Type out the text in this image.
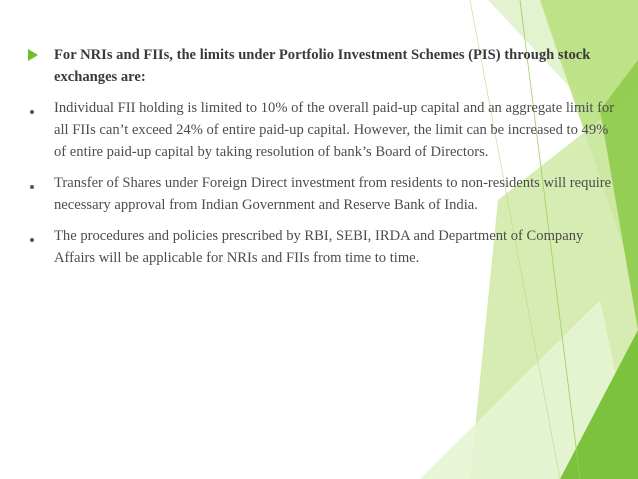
For NRIs and FIIs, the limits under Portfolio Investment Schemes (PIS) through stock exchanges are:
Individual FII holding is limited to 10% of the overall paid-up capital and an aggregate limit for all FIIs can’t exceed 24% of entire paid-up capital. However, the limit can be increased to 49% of entire paid-up capital by taking resolution of bank’s Board of Directors.
Transfer of Shares under Foreign Direct investment from residents to non-residents will require necessary approval from Indian Government and Reserve Bank of India.
The procedures and policies prescribed by RBI, SEBI, IRDA and Department of Company Affairs will be applicable for NRIs and FIIs from time to time.
